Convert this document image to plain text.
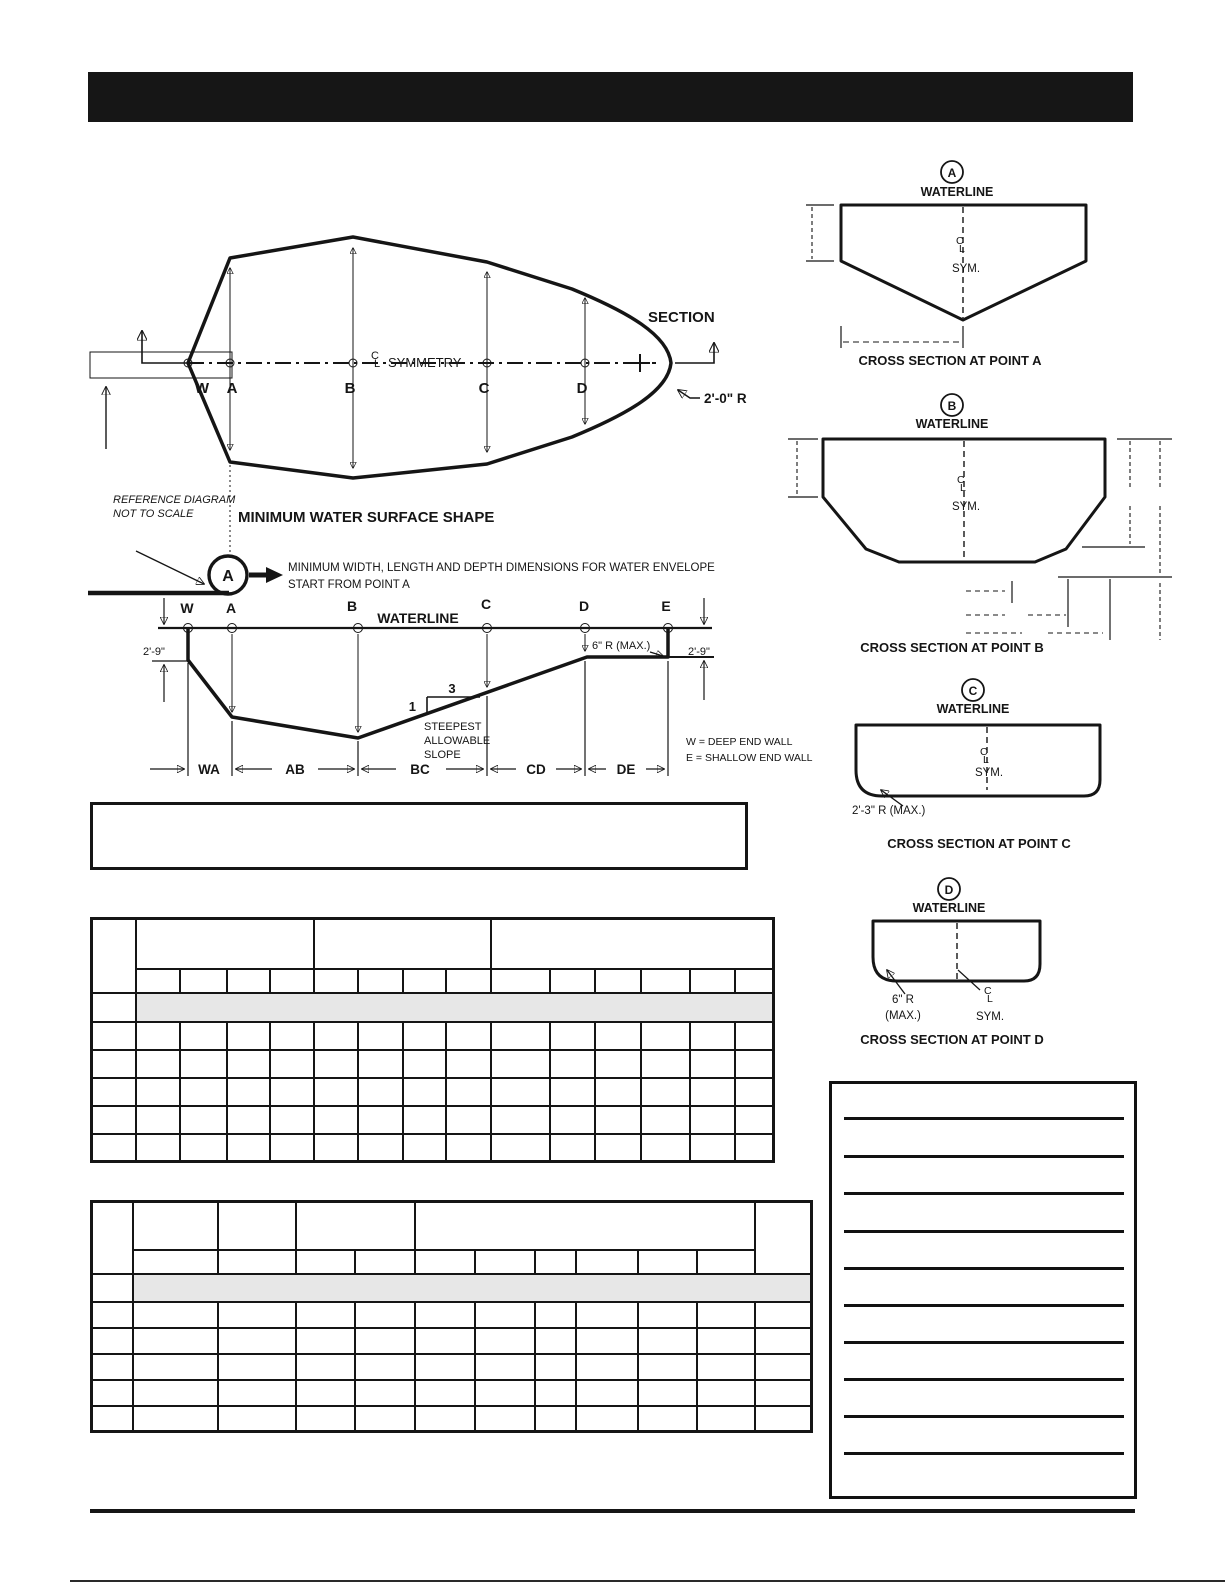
W A	B	C	D
C
L SYMMETRY
SECTION
2'-0" R
REFERENCE DIAGRAM
NOT TO SCALE	MINIMUM WATER SURFACE SHAPE
A	MINIMUM WIDTH, LENGTH AND DEPTH DIMENSIONS FOR WATER ENVELOPE
START FROM POINT A
W A	B	C	D	E
WATERLINE
2'-9"	2'-9"
6" R (MAX.)
3
1
STEEPEST
ALLOWABLE
SLOPE
WA	AB	BC	CD	DE
W = DEEP END WALL
E = SHALLOW END WALL
A
WATERLINE
C
L
SYM.
CROSS SECTION AT POINT A
B
WATERLINE
C
L
SYM.
CROSS SECTION AT POINT B
C
WATERLINE
C
L
SYM.
2'-3" R (MAX.)
CROSS SECTION AT POINT C
D
WATERLINE
C
L
SYM.
6" R
(MAX.)
CROSS SECTION AT POINT D
